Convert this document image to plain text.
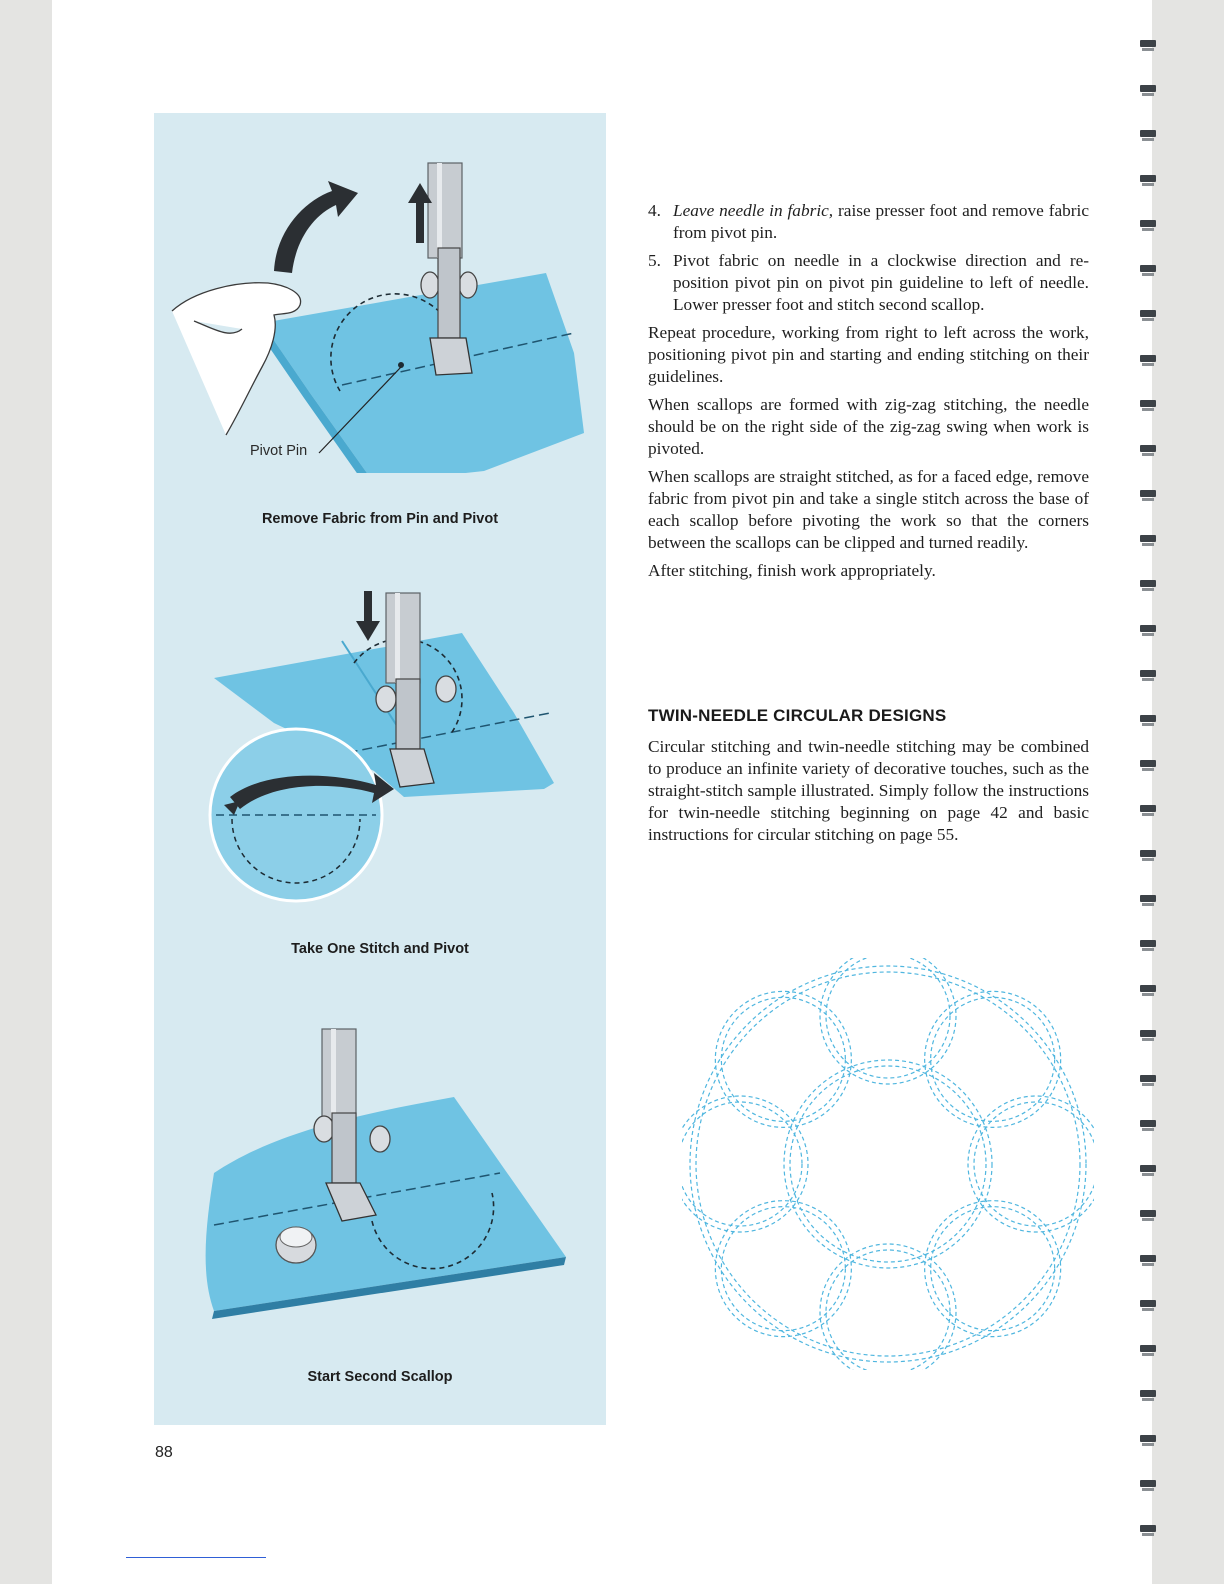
Pivot Pin
Remove Fabric from Pin and Pivot
Take One Stitch and Pivot
Start Second Scallop
4. Leave needle in fabric, raise presser foot and remove fabric from pivot pin.
5. Pivot fabric on needle in a clockwise direction and re-position pivot pin on pivot pin guideline to left of needle. Lower presser foot and stitch second scallop.

Repeat procedure, working from right to left across the work, positioning pivot pin and starting and ending stitching on their guidelines.

When scallops are formed with zig-zag stitching, the needle should be on the right side of the zig-zag swing when work is pivoted.

When scallops are straight stitched, as for a faced edge, remove fabric from pivot pin and take a single stitch across the base of each scallop before pivoting the work so that the corners between the scallops can be clipped and turned readily.

After stitching, finish work appropriately.

TWIN-NEEDLE CIRCULAR DESIGNS

Circular stitching and twin-needle stitching may be combined to produce an infinite variety of decorative touches, such as the straight-stitch sample illustrated. Simply follow the instructions for twin-needle stitching beginning on page 42 and basic instructions for circular stitching on page 55.

88
